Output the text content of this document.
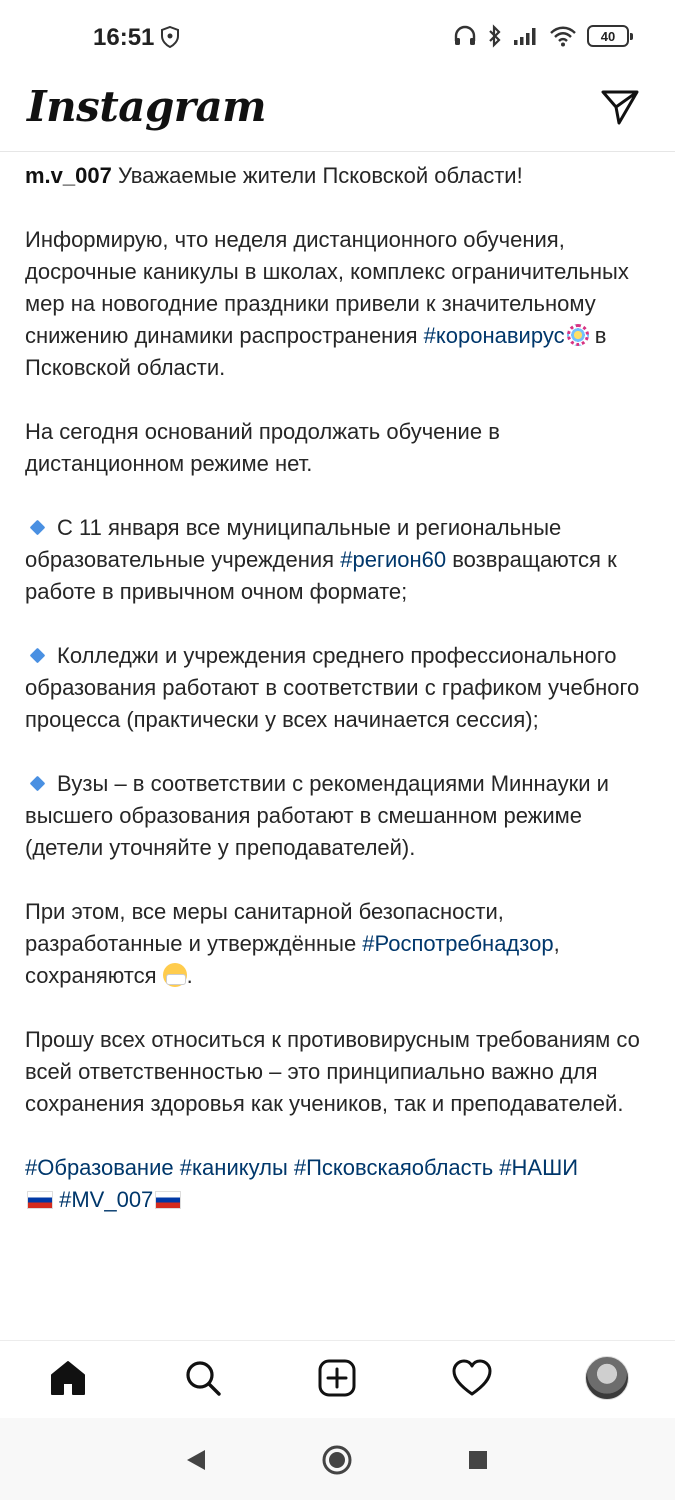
16:51	40
Instagram

m.v_007 Уважаемые жители Псковской области!

Информирую, что неделя дистанционного обучения, досрочные каникулы в школах, комплекс ограничительных мер на новогодние праздники привели к значительному снижению динамики распространения #коронавирус в Псковской области.

На сегодня оснований продолжать обучение в дистанционном режиме нет.

С 11 января все муниципальные и региональные образовательные учреждения #регион60 возвращаются к работе в привычном очном формате;

Колледжи и учреждения среднего профессионального образования работают в соответствии с графиком учебного процесса (практически у всех начинается сессия);

Вузы – в соответствии с рекомендациями Миннауки и высшего образования работают в смешанном режиме (детели уточняйте у преподавателей).

При этом, все меры санитарной безопасности, разработанные и утверждённые #Роспотребнадзор, сохраняются .

Прошу всех относиться к противовирусным требованиям со всей ответственностью – это принципиально важно для сохранения здоровья как учеников, так и преподавателей.

#Образование #каникулы #Псковскаяобласть #НАШИ
#MV_007
